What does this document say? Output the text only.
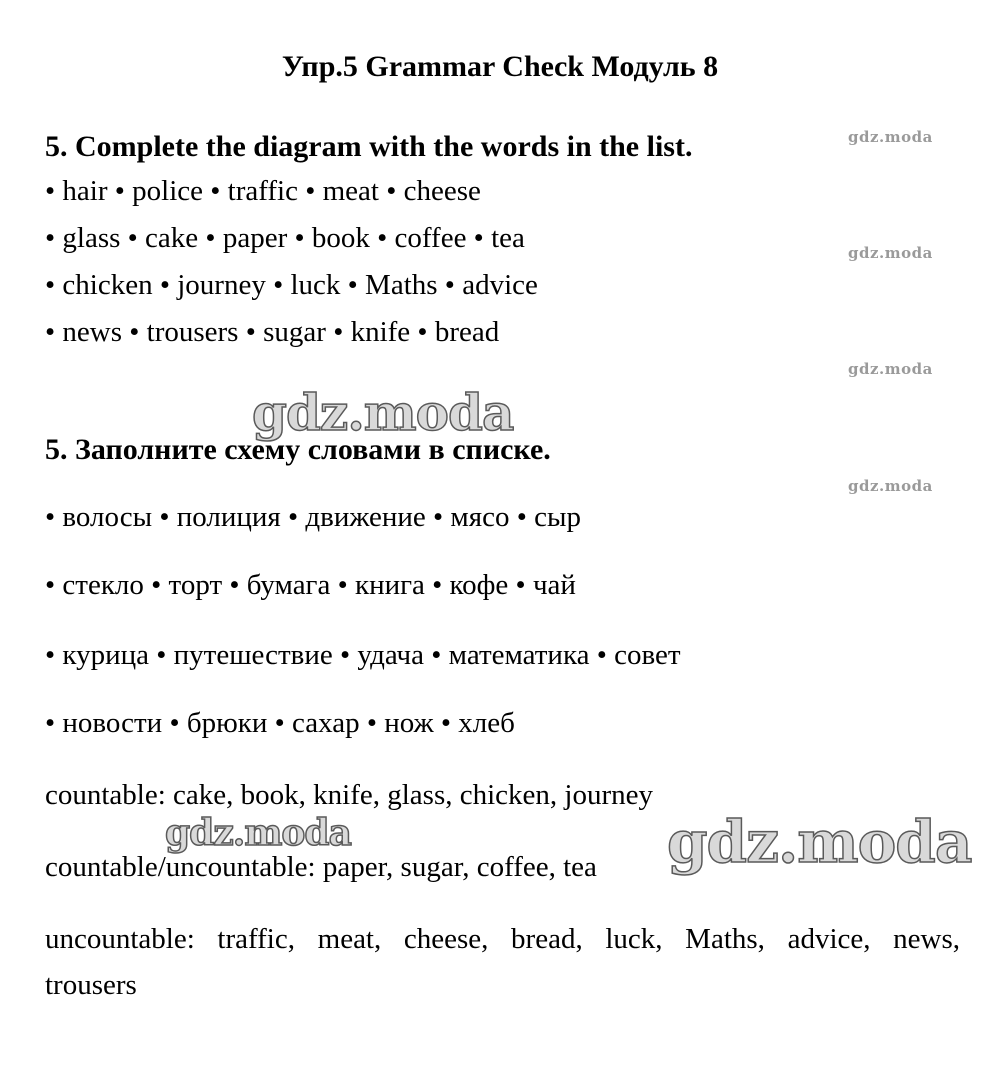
Упр.5 Grammar Check Модуль 8
5. Complete the diagram with the words in the list.
• hair • police • traffic • meat • cheese
• glass • cake • paper • book • coffee • tea
• chicken • journey • luck • Maths • advice
• news • trousers • sugar • knife • bread
5. Заполните схему словами в списке.
• волосы • полиция • движение • мясо • сыр
• стекло • торт • бумага • книга • кофе • чай
• курица • путешествие • удача • математика • совет
• новости • брюки • сахар • нож • хлеб
countable: cake, book, knife, glass, chicken, journey
countable/uncountable: paper, sugar, coffee, tea
uncountable: traffic, meat, cheese, bread, luck, Maths, advice, news,
trousers
gdz.moda
gdz.moda
gdz.moda
gdz.moda
gdz.moda
gdz.moda	gdz.moda
